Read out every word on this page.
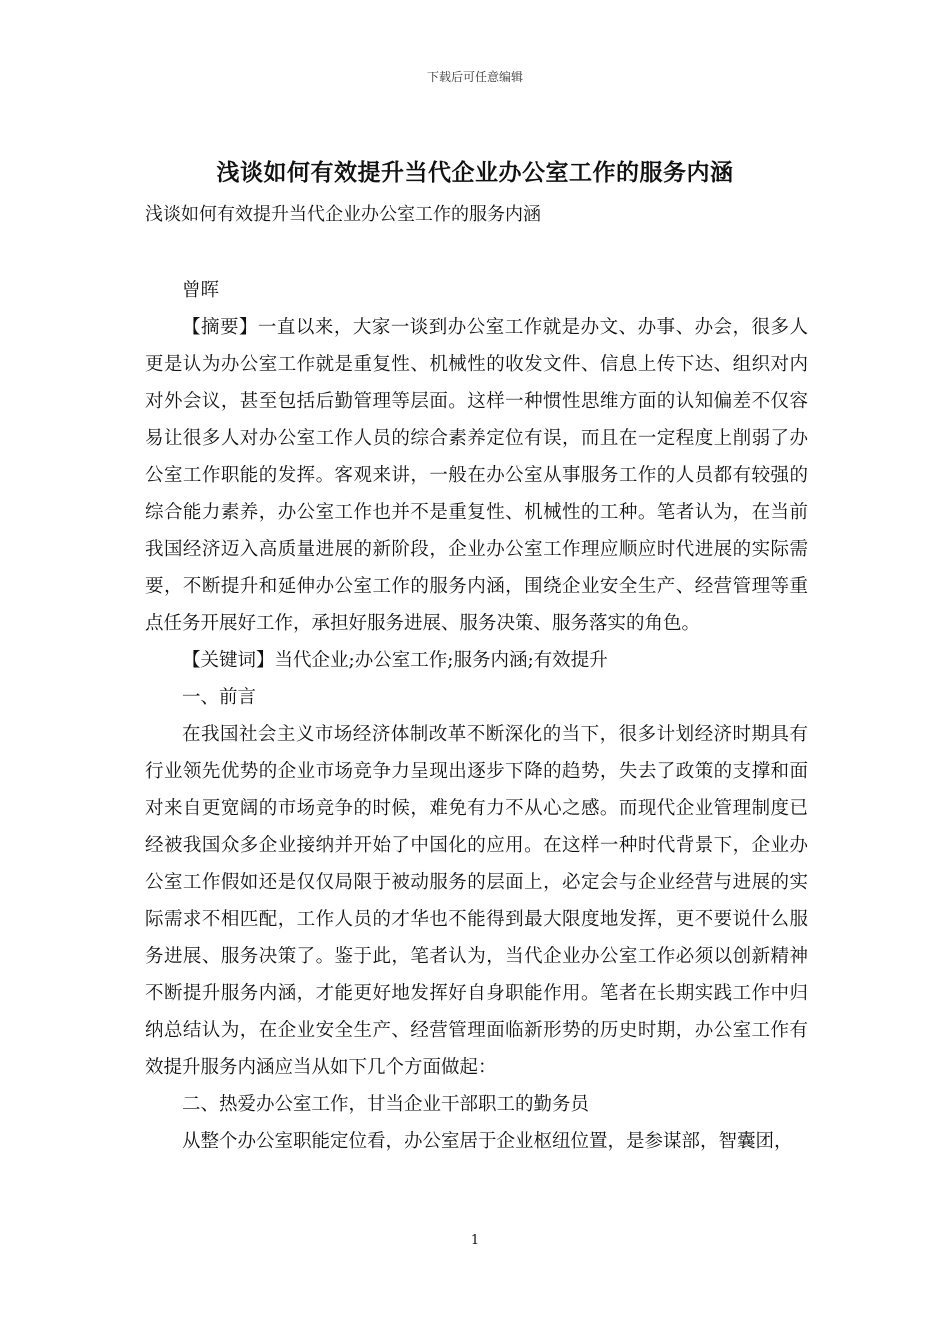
下载后可任意编辑
浅谈如何有效提升当代企业办公室工作的服务内涵
浅谈如何有效提升当代企业办公室工作的服务内涵

曾晖

【摘要】一直以来，大家一谈到办公室工作就是办文、办事、办会，很多人更是认为办公室工作就是重复性、机械性的收发文件、信息上传下达、组织对内对外会议，甚至包括后勤管理等层面。这样一种惯性思维方面的认知偏差不仅容易让很多人对办公室工作人员的综合素养定位有误，而且在一定程度上削弱了办公室工作职能的发挥。客观来讲，一般在办公室从事服务工作的人员都有较强的综合能力素养，办公室工作也并不是重复性、机械性的工种。笔者认为，在当前我国经济迈入高质量进展的新阶段，企业办公室工作理应顺应时代进展的实际需要，不断提升和延伸办公室工作的服务内涵，围绕企业安全生产、经营管理等重点任务开展好工作，承担好服务进展、服务决策、服务落实的角色。

【关键词】当代企业;办公室工作;服务内涵;有效提升

一、前言

在我国社会主义市场经济体制改革不断深化的当下，很多计划经济时期具有行业领先优势的企业市场竞争力呈现出逐步下降的趋势，失去了政策的支撑和面对来自更宽阔的市场竞争的时候，难免有力不从心之感。而现代企业管理制度已经被我国众多企业接纳并开始了中国化的应用。在这样一种时代背景下，企业办公室工作假如还是仅仅局限于被动服务的层面上，必定会与企业经营与进展的实际需求不相匹配，工作人员的才华也不能得到最大限度地发挥，更不要说什么服务进展、服务决策了。鉴于此，笔者认为，当代企业办公室工作必须以创新精神不断提升服务内涵，才能更好地发挥好自身职能作用。笔者在长期实践工作中归纳总结认为，在企业安全生产、经营管理面临新形势的历史时期，办公室工作有效提升服务内涵应当从如下几个方面做起：

二、热爱办公室工作，甘当企业干部职工的勤务员

从整个办公室职能定位看，办公室居于企业枢纽位置，是参谋部，智囊团，

1
